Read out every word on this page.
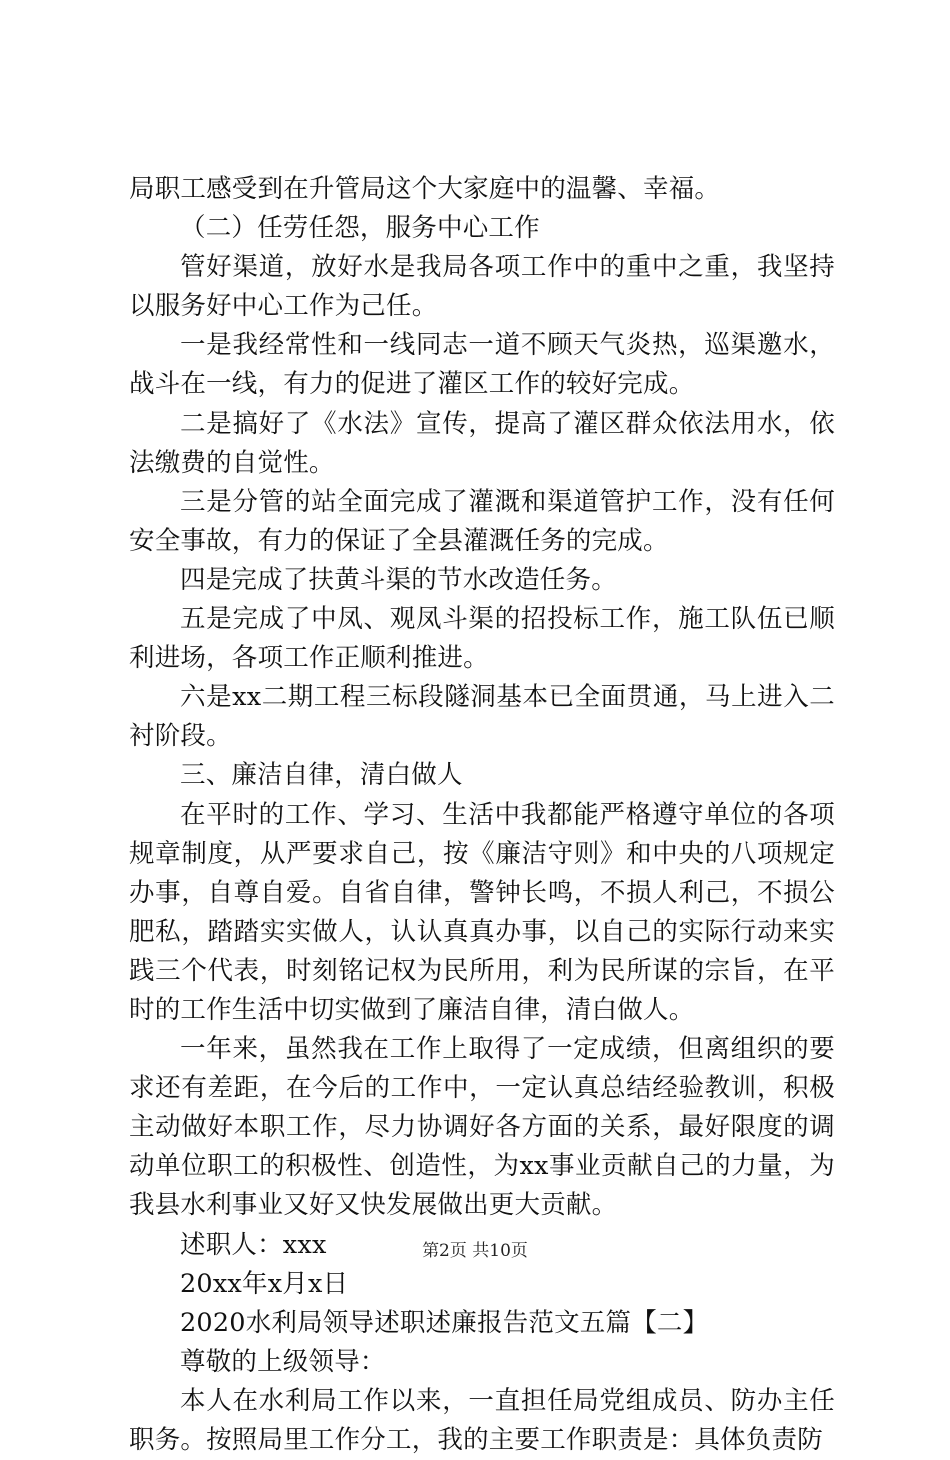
局职工感受到在升管局这个大家庭中的温馨、幸福。

（二）任劳任怨，服务中心工作

管好渠道，放好水是我局各项工作中的重中之重，我坚持以服务好中心工作为己任。

一是我经常性和一线同志一道不顾天气炎热，巡渠邀水，战斗在一线，有力的促进了灌区工作的较好完成。

二是搞好了《水法》宣传，提高了灌区群众依法用水，依法缴费的自觉性。

三是分管的站全面完成了灌溉和渠道管护工作，没有任何安全事故，有力的保证了全县灌溉任务的完成。

四是完成了扶黄斗渠的节水改造任务。

五是完成了中凤、观凤斗渠的招投标工作，施工队伍已顺利进场，各项工作正顺利推进。

六是xx二期工程三标段隧洞基本已全面贯通，马上进入二衬阶段。

三、廉洁自律，清白做人

在平时的工作、学习、生活中我都能严格遵守单位的各项规章制度，从严要求自己，按《廉洁守则》和中央的八项规定办事，自尊自爱。自省自律，警钟长鸣，不损人利己，不损公肥私，踏踏实实做人，认认真真办事，以自己的实际行动来实践三个代表，时刻铭记权为民所用，利为民所谋的宗旨，在平时的工作生活中切实做到了廉洁自律，清白做人。

一年来，虽然我在工作上取得了一定成绩，但离组织的要求还有差距，在今后的工作中，一定认真总结经验教训，积极主动做好本职工作，尽力协调好各方面的关系，最好限度的调动单位职工的积极性、创造性，为xx事业贡献自己的力量，为我县水利事业又好又快发展做出更大贡献。

述职人：xxx

20xx年x月x日

2020水利局领导述职述廉报告范文五篇【二】

尊敬的上级领导：

本人在水利局工作以来，一直担任局党组成员、防办主任职务。按照局里工作分工，我的主要工作职责是：具体负责防

第2页 共10页
